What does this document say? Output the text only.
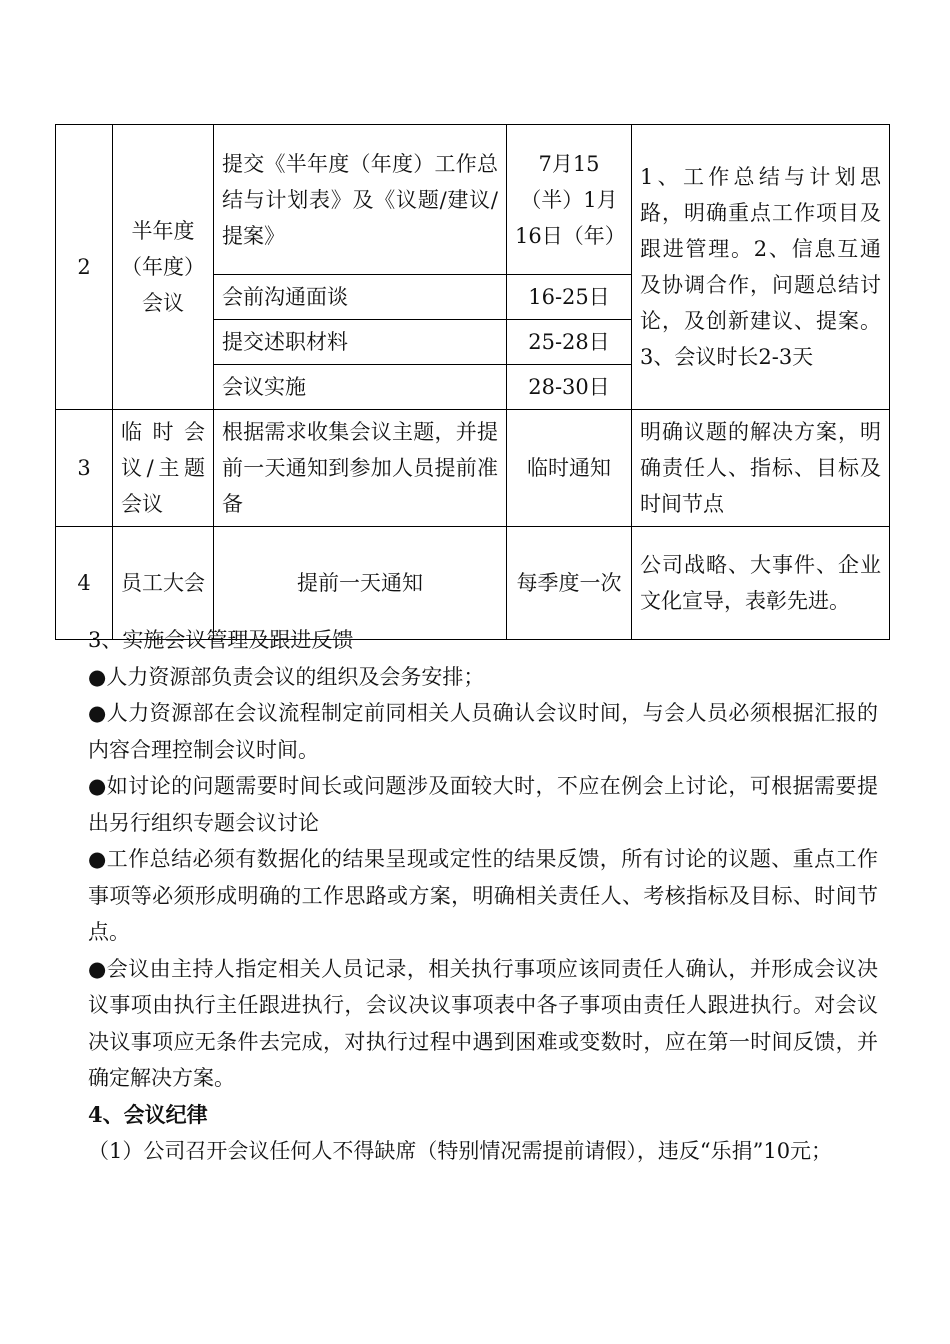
2	半年度（年度）会议	提交《半年度（年度）工作总结与计划表》及《议题/建议/提案》	7月15（半）1月16日（年）	1、工作总结与计划思路，明确重点工作项目及跟进管理。2、信息互通及协调合作，问题总结讨论，及创新建议、提案。3、会议时长2-3天
		会前沟通面谈	16-25日	
		提交述职材料	25-28日	
		会议实施	28-30日	
3	临时会议/主题会议	根据需求收集会议主题，并提前一天通知到参加人员提前准备	临时通知	明确议题的解决方案，明确责任人、指标、目标及时间节点
4	员工大会	提前一天通知	每季度一次	公司战略、大事件、企业文化宣导，表彰先进。

3、实施会议管理及跟进反馈

●人力资源部负责会议的组织及会务安排；

●人力资源部在会议流程制定前同相关人员确认会议时间，与会人员必须根据汇报的内容合理控制会议时间。

●如讨论的问题需要时间长或问题涉及面较大时，不应在例会上讨论，可根据需要提出另行组织专题会议讨论

●工作总结必须有数据化的结果呈现或定性的结果反馈，所有讨论的议题、重点工作事项等必须形成明确的工作思路或方案，明确相关责任人、考核指标及目标、时间节点。

●会议由主持人指定相关人员记录，相关执行事项应该同责任人确认，并形成会议决议事项由执行主任跟进执行，会议决议事项表中各子事项由责任人跟进执行。对会议决议事项应无条件去完成，对执行过程中遇到困难或变数时，应在第一时间反馈，并确定解决方案。

4、会议纪律

（1）公司召开会议任何人不得缺席（特别情况需提前请假），违反“乐捐”10元；
